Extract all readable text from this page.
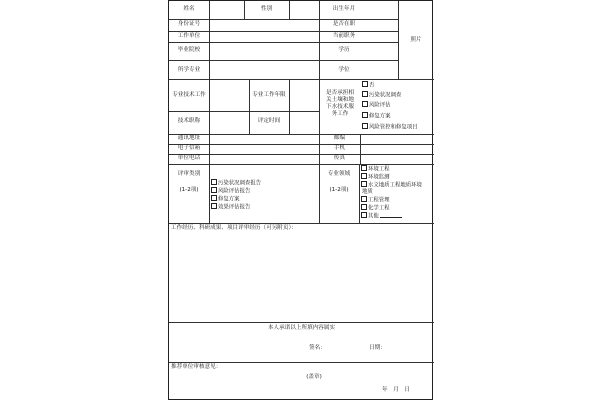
姓名	性别	出生年月
身份证号	是否在职
工作单位	当前职务
毕业院校	学历
所学专业	学位
照片
专业技术工作	专业工作年限
技术职称	评定时间
是否承担相
关土壤和地
下水技术服
务工作
否
污染状况调查
风险评估
修复方案
风险管控和修复项目
通讯地址	邮编
电子信箱	手机
单位电话	传真
评审类别
(1-2项)
污染状况调查报告
风险评估报告
修复方案
效果评估报告
专业领域
(1-2项)
环境工程
环境监测
水文地质工程地质环境
地质
工程管理
化学工程
其他
工作经历、科研成果、项目评审经历（可另附页）：
本人承诺以上所填内容属实
签名：	日期：
推荐单位审核意见：
(盖章)
年　月　日
